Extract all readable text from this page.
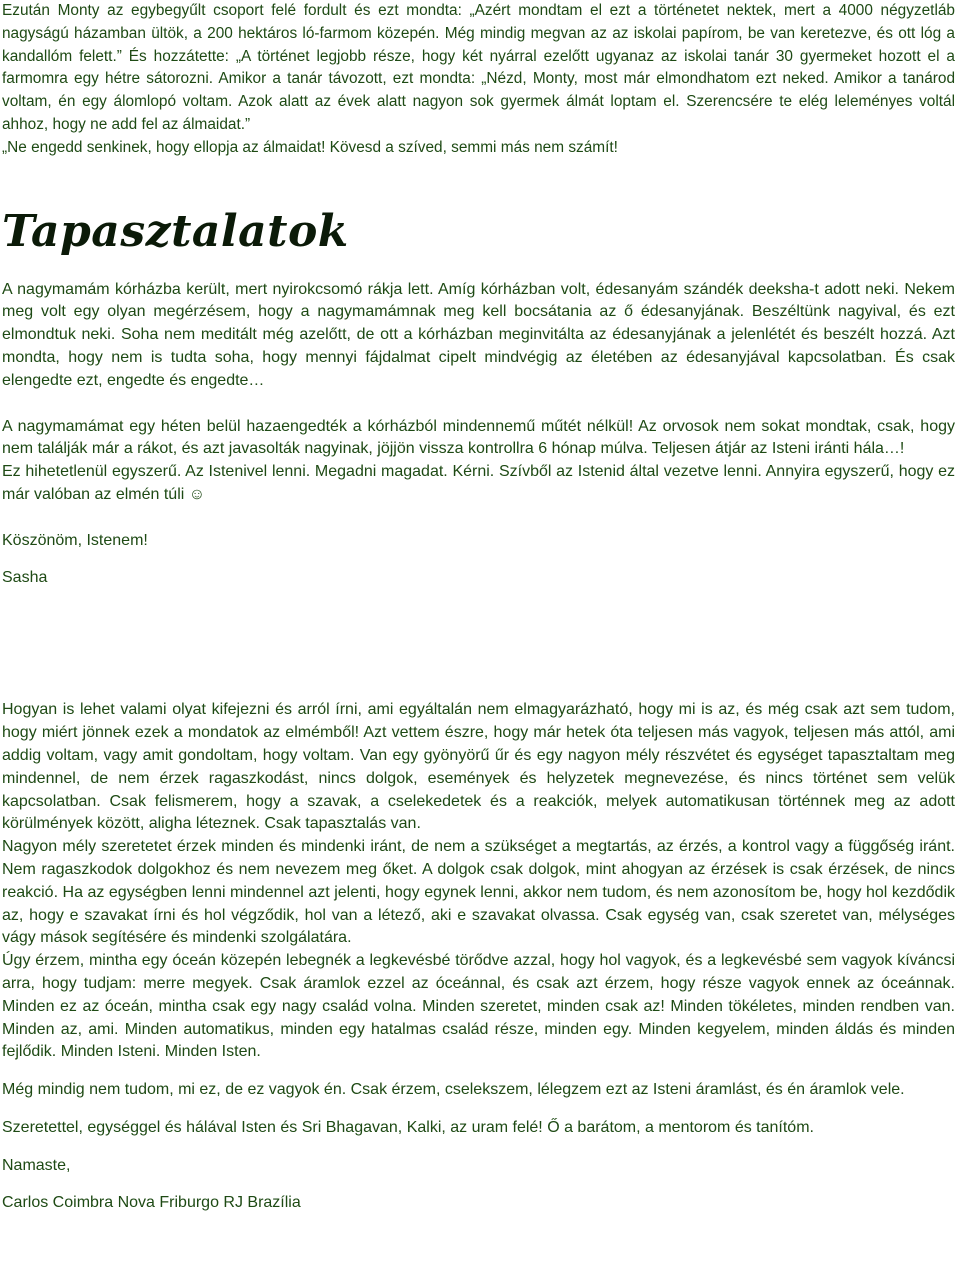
Ezután Monty az egybegyűlt csoport felé fordult és ezt mondta: „Azért mondtam el ezt a történetet nektek, mert a 4000 négyzetláb nagyságú házamban ültök, a 200 hektáros ló-farmom közepén. Még mindig megvan az az iskolai papírom, be van keretezve, és ott lóg a kandallóm felett.” És hozzátette: „A történet legjobb része, hogy két nyárral ezelőtt ugyanaz az iskolai tanár 30 gyermeket hozott el a farmomra egy hétre sátorozni. Amikor a tanár távozott, ezt mondta: „Nézd, Monty, most már elmondhatom ezt neked. Amikor a tanárod voltam, én egy álomlopó voltam. Azok alatt az évek alatt nagyon sok gyermek álmát loptam el. Szerencsére te elég leleményes voltál ahhoz, hogy ne add fel az álmaidat.”

„Ne engedd senkinek, hogy ellopja az álmaidat! Kövesd a szíved, semmi más nem számít!

Tapasztalatok

A nagymamám kórházba került, mert nyirokcsomó rákja lett. Amíg kórházban volt, édesanyám szándék deeksha-t adott neki. Nekem meg volt egy olyan megérzésem, hogy a nagymamámnak meg kell bocsátania az ő édesanyjának. Beszéltünk nagyival, és ezt elmondtuk neki. Soha nem meditált még azelőtt, de ott a kórházban meginvitálta az édesanyjának a jelenlétét és beszélt hozzá. Azt mondta, hogy nem is tudta soha, hogy mennyi fájdalmat cipelt mindvégig az életében az édesanyjával kapcsolatban. És csak elengedte ezt, engedte és engedte…

A nagymamámat egy héten belül hazaengedték a kórházból mindennemű műtét nélkül! Az orvosok nem sokat mondtak, csak, hogy nem találják már a rákot, és azt javasolták nagyinak, jöjjön vissza kontrollra 6 hónap múlva. Teljesen átjár az Isteni iránti hála…!

Ez hihetetlenül egyszerű. Az Istenivel lenni. Megadni magadat. Kérni. Szívből az Istenid által vezetve lenni. Annyira egyszerű, hogy ez már valóban az elmén túli ☺

Köszönöm, Istenem!

Sasha

Hogyan is lehet valami olyat kifejezni és arról írni, ami egyáltalán nem elmagyarázható, hogy mi is az, és még csak azt sem tudom, hogy miért jönnek ezek a mondatok az elmémből! Azt vettem észre, hogy már hetek óta teljesen más vagyok, teljesen más attól, ami addig voltam, vagy amit gondoltam, hogy voltam. Van egy gyönyörű űr és egy nagyon mély részvétet és egységet tapasztaltam meg mindennel, de nem érzek ragaszkodást, nincs dolgok, események és helyzetek megnevezése, és nincs történet sem velük kapcsolatban. Csak felismerem, hogy a szavak, a cselekedetek és a reakciók, melyek automatikusan történnek meg az adott körülmények között, aligha léteznek. Csak tapasztalás van.

Nagyon mély szeretetet érzek minden és mindenki iránt, de nem a szükséget a megtartás, az érzés, a kontrol vagy a függőség iránt. Nem ragaszkodok dolgokhoz és nem nevezem meg őket. A dolgok csak dolgok, mint ahogyan az érzések is csak érzések, de nincs reakció. Ha az egységben lenni mindennel azt jelenti, hogy egynek lenni, akkor nem tudom, és nem azonosítom be, hogy hol kezdődik az, hogy e szavakat írni és hol végződik, hol van a létező, aki e szavakat olvassa. Csak egység van, csak szeretet van, mélységes vágy mások segítésére és mindenki szolgálatára.

Úgy érzem, mintha egy óceán közepén lebegnék a legkevésbé törődve azzal, hogy hol vagyok, és a legkevésbé sem vagyok kíváncsi arra, hogy tudjam: merre megyek. Csak áramlok ezzel az óceánnal, és csak azt érzem, hogy része vagyok ennek az óceánnak. Minden ez az óceán, mintha csak egy nagy család volna. Minden szeretet, minden csak az! Minden tökéletes, minden rendben van. Minden az, ami. Minden automatikus, minden egy hatalmas család része, minden egy. Minden kegyelem, minden áldás és minden fejlődik. Minden Isteni. Minden Isten.

Még mindig nem tudom, mi ez, de ez vagyok én. Csak érzem, cselekszem, lélegzem ezt az Isteni áramlást, és én áramlok vele.

Szeretettel, egységgel és hálával Isten és Sri Bhagavan, Kalki, az uram felé! Ő a barátom, a mentorom és tanítóm.

Namaste,

Carlos Coimbra Nova Friburgo RJ Brazília
